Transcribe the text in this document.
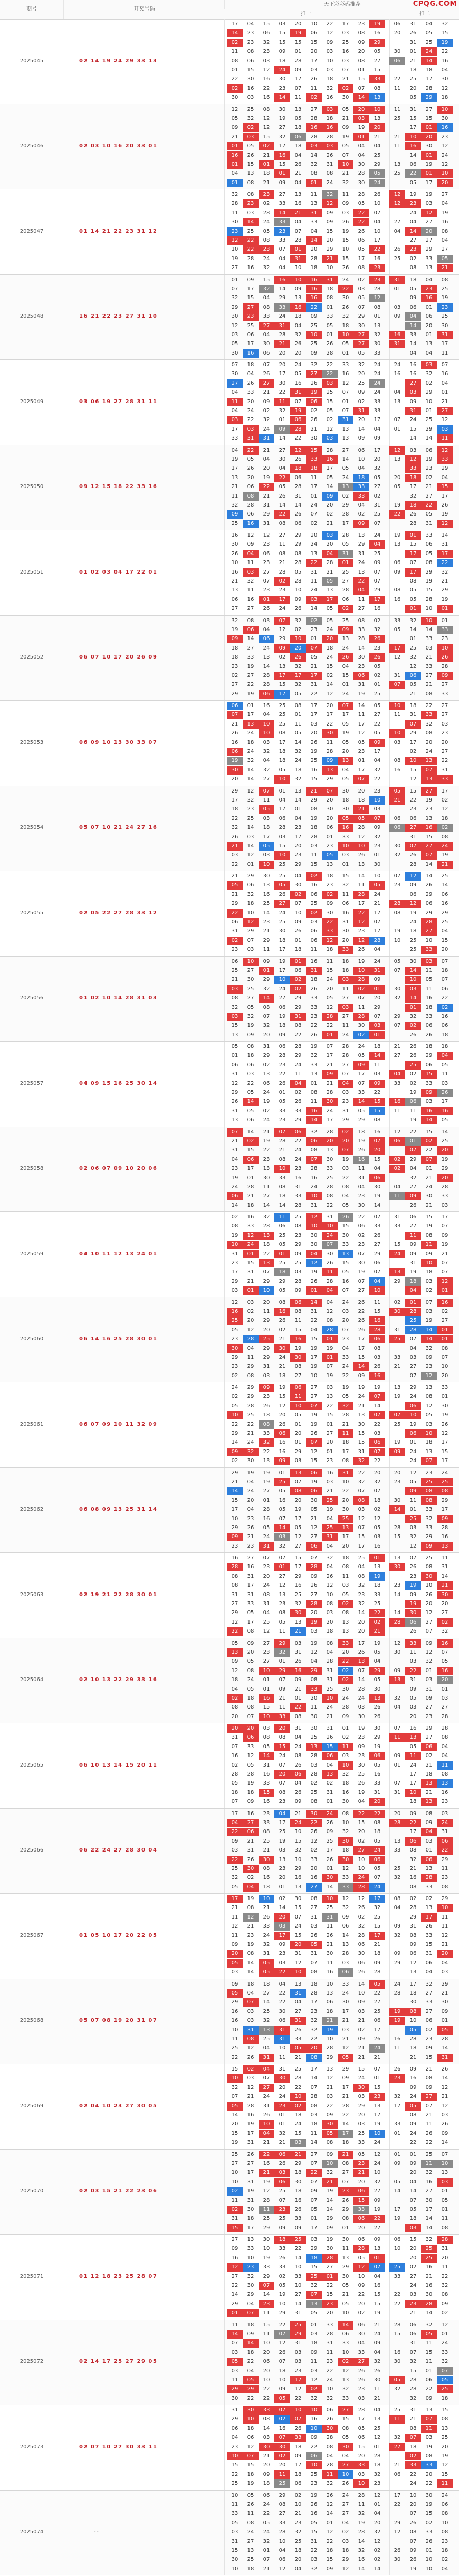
期号	开奖号码
天下彩彩码推荐
推一	推二
CPQG.COM
2025045	02 14 19 24 29 33 13
17	04	15	03	20	10	22	17	23	19	06	31	04	32
14	23	06	15	19	06	12	03	08	16	20	26	05	15
02	23	32	15	15	15	09	25	09	29	31	25	19
11	08	23	09	01	20	03	16	20	05	30	01	24	22
08	06	03	18	28	17	10	03	08	27	06	21	14	16
01	15	12	24	09	03	03	07	01	15	18	18	04
22	30	16	30	17	26	18	21	15	33	22	25	17	30
02	16	22	23	07	11	32	02	07	08	11	20	28	12
30	03	16	14	11	02	16	30	14	13	05	29	18
2025046	02 03 10 16 20 33 01
12	25	08	30	13	27	03	05	20	10	11	31	27	10
05	32	12	19	05	28	18	21	03	13	25	15	15	30
09	02	12	27	18	16	16	09	19	20	17	01	16
21	03	15	32	06	28	28	19	01	21	21	10	20	23
01	05	02	17	18	03	03	05	04	04	11	16	30	12
16	26	21	16	04	14	26	07	04	25	14	01	24
01	15	01	15	26	32	31	10	30	29	13	06	19	12
04	13	18	01	21	08	08	21	28	05	25	22	01	10
01	08	21	09	04	01	24	32	30	24	05	17	20
2025047	01 14 21 22 23 31 12
32	08	23	27	13	11	32	11	28	26	12	19	19	27
28	23	02	33	16	13	12	09	05	10	12	23	03	04
11	03	28	14	21	31	09	03	22	07	24	12	19
30	14	24	33	04	33	09	26	22	04	27	04	27	16
23	25	05	23	07	04	15	19	26	10	04	14	20	08
12	22	08	33	28	14	20	15	06	17	27	27	04
10	22	23	07	01	20	29	10	05	22	26	23	29	27
19	28	24	04	31	28	21	15	17	16	25	02	33	05
27	16	32	04	10	18	10	26	08	23	08	13	21
2025048	16 21 22 23 27 31 10
01	09	15	16	10	16	31	24	02	23	31	18	04	08
07	17	32	14	09	16	18	22	03	28	01	05	23	25
32	15	04	29	13	16	08	30	05	12	09	16	19
29	27	08	33	16	22	01	26	07	08	03	06	01	23
30	23	33	24	18	09	33	32	29	01	09	04	06	25
12	25	27	31	04	25	05	18	30	13	14	20	30
03	06	04	28	32	10	01	10	27	32	16	33	01	31
05	17	30	21	26	25	26	05	27	30	31	14	13	17
30	16	06	20	20	09	28	01	05	33	04	04	11
2025049	03 06 19 27 28 31 11
07	18	07	20	24	32	22	33	32	24	24	16	03	07
30	04	26	17	05	27	22	16	20	24	16	16	32	16
27	26	27	30	16	26	03	12	25	24	27	02	04
04	33	21	22	31	19	25	07	09	24	04	03	29	01
11	20	09	11	07	06	15	01	02	33	13	09	10	21
04	24	02	32	19	02	05	07	31	33	31	01	27
03	22	32	01	06	26	02	31	20	17	07	24	25	12
17	03	24	09	28	21	12	13	14	04	01	15	29	03
33	31	31	14	22	30	03	13	09	09	14	14	11
2025050	09 12 15 18 22 33 16
04	22	21	27	12	15	28	27	06	17	12	03	06	12
19	05	04	30	26	33	16	14	10	20	13	12	19	33
17	26	20	04	18	18	17	05	04	32	33	23	29
13	20	19	22	06	11	05	24	18	05	20	18	02	04
21	06	22	05	28	17	14	13	33	27	05	17	21	15
11	08	21	26	31	01	09	02	33	02	32	27	17
32	28	31	14	14	24	20	29	04	31	19	18	22	26
09	06	29	22	26	07	02	28	02	25	22	26	05	19
25	16	31	08	06	02	21	17	09	07	28	31	12
2025051	01 02 03 04 17 22 01
16	12	12	27	29	20	03	28	13	24	19	01	33	14
30	09	23	11	29	24	20	05	29	04	13	15	06	31
26	04	06	08	08	13	04	31	31	25	17	05	17
10	11	23	21	28	22	28	01	24	09	06	07	08	22
16	03	27	28	05	31	21	25	13	07	09	17	29	32
21	32	07	02	28	11	05	27	22	07	08	19	21
13	11	23	23	10	24	13	28	04	29	08	05	15	29
06	16	01	17	09	03	17	06	11	17	16	05	28	19
27	27	26	24	26	14	05	02	27	16	01	10	01
2025052	06 07 10 17 20 26 09
32	08	03	07	32	02	05	25	08	02	33	32	10	01
19	06	04	12	02	23	24	09	33	32	05	14	14	33
09	14	06	29	10	01	20	13	28	26	01	33	23
18	27	24	09	20	07	18	24	14	23	17	25	03	10
18	33	13	02	26	05	24	26	30	26	12	32	21	26
23	19	14	13	32	21	15	04	23	05	12	33	28
02	27	28	17	17	17	02	15	06	02	31	06	27	09
27	22	28	15	32	31	14	01	31	01	07	05	21	27
29	19	06	17	05	22	12	24	19	25	21	08	33
2025053	06 09 10 13 30 33 07
06	01	16	25	08	17	20	07	14	05	10	18	22	27
07	17	04	25	01	17	17	17	11	27	11	31	33	27
21	13	10	25	11	03	22	05	17	22	07	32	03
26	24	10	08	05	20	30	19	12	05	10	29	08	23
16	18	03	17	14	26	11	05	05	09	03	17	20	20
06	24	32	18	32	19	28	20	23	17	02	24	27
19	32	04	18	24	25	09	13	01	04	08	10	13	22
30	14	32	05	18	16	13	04	17	32	16	15	07	31
20	14	27	10	32	15	29	05	07	22	12	13	33
2025054	05 07 10 21 24 27 16
29	12	07	01	13	21	07	30	20	23	05	15	27	17
17	32	11	04	14	29	20	18	18	10	21	22	19	02
18	23	05	17	01	08	30	30	21	03	23	23	12
22	25	03	06	04	19	20	05	05	07	06	06	13	18
32	14	18	28	23	18	06	16	28	09	06	27	16	02
26	03	17	03	17	28	01	33	12	32	31	15	08
21	14	05	15	20	03	23	10	10	23	30	07	27	24
03	12	03	10	23	11	05	03	26	01	32	26	07	19
22	01	10	25	29	15	13	01	13	30	28	14	21
2025055	02 05 22 27 28 33 12
21	29	30	25	04	02	18	15	14	10	07	12	14	25
05	06	13	05	30	16	23	32	11	05	23	09	26	14
21	32	16	26	02	06	02	11	28	24	06	29	06
29	18	25	27	07	25	09	06	17	21	28	12	06	16
22	10	14	24	10	02	30	16	22	17	08	19	29	29
06	12	23	25	09	03	22	31	12	07	24	28	25
31	29	21	30	26	06	33	30	23	17	19	18	27	04
02	07	29	18	01	06	12	20	12	28	10	25	10	15
23	03	11	17	18	11	18	33	26	04	25	33	20
2025056	01 02 10 14 28 31 03
06	10	09	19	01	16	11	18	19	24	05	30	03	07
25	27	01	17	06	31	15	18	10	31	07	14	11	18
21	30	29	10	02	18	24	03	28	09	10	05	07
03	25	32	24	02	26	20	11	02	01	30	03	11	06
08	27	14	27	29	33	05	27	07	20	32	14	16	22
32	05	08	06	29	33	12	03	11	29	01	18	02
03	32	07	19	31	23	28	27	28	07	29	32	33	16
15	19	32	18	08	22	22	11	30	03	07	02	06	06
13	09	20	09	22	26	01	24	02	01	26	26	18
2025057	04 09 15 16 25 30 14
05	08	31	06	28	19	07	28	24	18	21	26	18	18
01	18	29	28	29	32	17	28	05	14	27	26	29	04
06	06	02	23	24	33	21	27	09	11	25	06	05
31	03	13	22	11	13	09	07	17	03	04	02	15	11
12	22	06	26	04	01	21	04	07	09	33	02	33	03
29	05	24	01	02	08	28	03	33	22	19	09	26
26	14	19	05	26	11	30	23	14	15	16	06	03	17
31	05	02	33	33	16	24	31	05	15	11	11	16	16
13	06	24	23	29	14	17	29	29	08	19	14	05
2025058	02 06 07 09 10 20 06
07	14	21	07	06	32	28	02	18	16	12	22	15	14
21	02	19	28	22	06	20	20	19	07	06	01	02	25
31	15	22	21	24	08	13	07	26	20	07	22	20
04	06	23	08	24	07	30	19	16	15	02	29	07	19
23	17	13	10	23	28	33	03	11	04	02	04	01	29
19	01	30	33	16	16	25	22	31	06	32	21	20
24	28	11	08	31	24	28	08	04	30	04	27	24	28
06	21	27	18	33	10	08	04	23	19	11	09	30	33
14	18	14	14	28	31	22	05	30	14	26	21	03
2025059	04 10 11 12 13 24 01
02	16	32	11	25	12	31	26	22	07	31	06	15	17
08	33	28	06	08	10	10	15	06	33	33	27	19	07
19	12	13	25	23	30	24	30	02	26	11	08	09
10	24	18	05	29	30	07	33	23	27	15	09	11	19
31	01	22	01	09	04	30	13	07	29	24	09	09	21
23	15	13	25	25	12	26	15	30	06	31	10	07
17	31	07	18	03	19	11	05	19	07	13	19	18	07
29	21	29	29	28	26	28	16	07	04	29	18	03	12
03	01	10	05	09	01	04	07	27	10	04	02	01
2025060	06 14 16 25 28 30 01
12	03	20	08	06	14	04	24	26	11	02	01	07	16
16	02	11	16	08	31	12	03	22	15	30	28	03	02
25	20	29	26	11	22	08	20	26	16	25	19	27
05	12	20	02	15	04	28	07	26	28	31	28	14	01
23	28	25	21	16	15	01	23	17	06	25	07	14	01
30	04	29	30	19	19	19	04	17	08	04	32	08
29	11	29	24	30	17	01	33	15	03	33	03	09	07
23	29	31	21	08	19	07	24	14	26	21	27	23	10
02	08	03	18	27	10	19	22	09	16	07	12	20
2025061	06 07 09 10 11 32 09
24	29	09	19	06	27	03	19	19	19	13	29	13	33
02	29	23	15	11	27	13	05	24	07	19	24	08	01
05	28	26	12	10	07	22	32	21	14	06	12	30
10	25	18	20	05	19	15	28	13	07	07	10	05	19
22	22	08	26	01	19	01	21	30	22	25	19	03	26
29	21	33	06	20	26	27	11	15	03	06	10	12
14	24	32	16	01	07	20	18	15	06	19	01	18	17
09	32	22	16	29	12	01	17	31	07	09	24	13	15
02	30	13	09	03	15	23	08	32	22	24	07	17
2025062	06 08 09 13 25 31 14
29	19	19	01	13	06	16	31	22	20	20	12	23	24
21	04	19	25	07	19	03	10	32	32	23	05	25	25
14	24	27	05	08	06	21	22	07	07	09	08	08
15	20	01	16	20	30	25	20	08	18	30	11	08	29
17	04	28	05	19	05	19	30	03	02	14	01	33	17
10	23	16	07	17	21	04	25	12	12	25	32	09
29	26	05	14	05	12	25	13	07	05	28	03	33	28
09	21	24	03	12	27	31	17	15	03	15	32	29	16
23	23	31	32	27	06	04	20	17	16	12	09	13
2025063	02 19 21 22 28 30 01
16	27	07	07	15	07	32	18	25	01	13	07	25	11
28	16	23	01	17	28	04	08	04	13	30	26	08	31
08	31	20	27	29	09	26	11	08	19	23	30	14
08	17	24	12	16	26	12	03	32	18	23	19	10	21
31	31	08	13	25	27	10	05	23	33	14	09	26	30
27	33	31	23	32	28	08	02	32	25	19	20	20
29	05	04	08	30	20	03	08	14	22	14	30	12	27
12	17	25	05	13	19	20	13	20	02	28	06	27	02
22	08	12	11	21	03	18	13	20	21	26	07	32
2025064	02 10 13 22 29 33 16
05	09	27	29	03	19	08	33	17	19	12	33	09	16
13	20	23	32	31	12	04	20	26	05	30	11	12	07
09	05	27	01	26	04	28	22	13	04	03	32	05
12	08	10	29	16	29	31	02	07	29	09	22	01	16
18	24	01	07	09	08	31	02	14	05	13	31	03	20
04	05	01	09	21	33	25	30	28	30	09	31	01
02	18	16	21	01	20	10	24	24	13	32	05	09	03
08	08	15	11	22	11	24	28	03	26	04	03	27	27
20	07	10	33	08	30	21	09	30	26	20	23	28
2025065	06 10 13 14 15 20 11
20	20	03	20	31	30	31	01	19	30	07	16	29	28
31	06	08	08	04	25	26	02	23	29	11	13	27	08
07	33	05	15	24	13	15	11	09	19	05	06	04
16	12	14	24	08	28	06	03	23	06	09	11	02	04
02	05	31	07	26	03	04	10	30	05	01	24	21	11
28	28	16	20	06	28	13	32	25	16	17	18	08
05	19	33	07	04	02	02	18	26	33	07	17	13	13
18	18	15	08	26	25	31	16	19	31	31	10	21	16
07	09	16	23	09	08	01	30	04	20	18	13	23
2025066	06 22 24 27 28 30 04
17	16	23	04	21	30	24	08	22	22	20	09	08	03
04	27	33	17	24	22	26	10	15	08	28	22	09	24
22	06	08	25	10	26	09	32	20	18	17	04	31
09	21	25	19	15	12	25	30	02	05	13	06	03	06
03	31	21	03	32	02	17	18	27	24	33	08	01	22
22	26	30	13	10	33	26	30	10	06	32	06	29
25	30	08	23	29	20	01	12	10	05	25	21	13	11
32	02	16	20	16	16	30	33	24	07	32	16	28	23
05	04	18	01	13	27	14	33	28	24	08	33	08
2025067	01 05 10 17 20 22 05
17	19	10	02	30	08	10	12	12	17	08	02	02	29
21	08	21	14	15	27	25	32	26	32	04	28	13	10
11	12	26	20	07	31	31	09	02	25	29	17	11
12	21	33	03	24	03	11	06	32	15	09	31	26	11
11	23	24	17	15	26	26	14	28	17	32	08	33	12
09	19	32	09	20	05	21	13	06	21	09	15	21
20	08	31	23	31	31	30	28	30	18	09	06	31	20
05	14	05	03	12	07	11	03	06	09	29	12	06	04
03	14	05	22	10	08	16	06	26	28	13	04	03
2025068	05 07 08 19 20 31 07
09	18	18	04	13	18	10	33	14	05	24	17	32	29
05	04	27	22	31	28	13	24	10	22	28	18	27	21
29	07	14	22	04	17	06	30	09	27	30	33	30
16	03	25	30	27	23	18	17	03	25	19	08	27	09
16	03	32	06	31	32	21	21	21	06	19	10	06	01
10	31	13	31	26	32	19	03	02	17	05	02	05
11	08	25	31	33	22	10	21	09	26	16	28	23	28
25	12	04	10	05	20	28	12	21	24	11	18	09	14
22	26	31	11	21	08	29	05	21	21	21	15	31
2025069	02 04 10 23 27 30 05
15	02	04	31	25	17	13	29	15	07	26	09	21	26
10	03	07	30	28	14	12	09	24	01	23	16	08	14
32	12	27	20	22	07	21	17	30	15	09	09	12
07	21	24	24	10	28	03	21	03	23	32	24	27	21
05	28	31	23	02	08	22	28	29	13	17	05	07	12
14	16	26	01	18	03	09	22	20	17	08	21	03
20	19	10	01	24	18	30	14	03	19	33	09	11	26
15	17	04	32	15	11	05	17	25	10	01	24	26	09
19	31	21	21	03	14	08	18	33	24	22	22	14
2025070	02 03 15 21 22 23 06
25	26	22	06	21	27	09	21	05	12	01	01	25	07
27	27	16	26	29	07	10	08	23	24	09	09	11	10
10	17	21	03	18	22	32	27	21	10	20	32	13
10	31	19	06	30	07	21	07	20	32	05	04	16	03
02	19	12	25	18	09	19	23	06	27	14	14	27	01
11	31	28	07	16	07	14	26	15	09	07	30	05
02	30	11	23	26	05	14	29	33	19	17	05	17	01
31	18	25	25	33	01	29	08	06	22	19	18	14	11
15	17	29	09	09	17	09	01	20	27	03	14	08
2025071	01 12 18 23 25 28 07
27	13	30	18	25	03	19	30	06	09	06	15	32	28
09	33	10	33	22	29	30	11	28	13	10	20	25	31
16	10	19	26	14	18	28	13	05	01	20	25	20
12	23	33	33	10	15	27	29	12	07	25	02	16	11
27	32	29	02	33	25	01	30	10	04	33	27	21	22
22	30	07	05	10	32	22	05	09	16	24	16	32
14	29	14	19	27	07	15	21	22	15	22	03	30	08
29	04	23	10	14	13	23	05	20	15	22	23	28	09
01	07	11	29	31	05	20	10	02	19	21	14	02
2025072	02 14 17 25 27 29 05
11	18	15	22	25	01	33	14	06	21	28	06	32	12
14	09	11	07	29	03	28	06	30	24	15	06	05	01
07	14	10	12	31	18	31	33	04	09	31	11	24
03	18	20	26	03	09	11	10	33	04	16	07	15	33
05	22	06	07	03	11	23	02	27	32	30	32	11	32
03	04	20	18	23	03	22	12	26	26	15	01	07
11	05	10	10	17	12	24	13	26	30	05	28	06	05
29	29	22	09	12	02	10	32	23	11	32	28	22	25
30	22	22	05	22	32	32	33	03	21	32	09	18
2025073	02 07 10 27 30 33 11
31	30	33	07	10	10	06	27	28	04	25	31	13	15
29	10	08	02	07	16	26	15	17	13	11	21	07	08
06	18	14	16	26	10	30	08	05	25	08	11	13
04	06	03	07	33	09	28	05	06	12	32	07	03	25
23	12	30	30	18	22	08	30	15	01	27	18	19	20
10	07	21	02	09	06	04	04	20	28	02	08	19
15	15	20	20	17	10	28	27	33	18	21	33	33	12
22	18	09	11	18	25	11	10	03	32	06	22	20	15
25	19	18	25	06	23	32	26	10	23	24	22	11
2025074	--
10	05	06	29	02	19	26	24	28	12	17	10	30	24
11	26	24	08	10	26	12	27	11	01	22	20	19	06
33	11	22	27	21	16	14	27	32	04	07	15	08
05	08	05	33	23	05	01	04	19	20	29	26	02	10
03	24	24	28	32	15	12	02	28	32	12	08	33	08
31	27	32	10	25	31	22	03	14	12	07	26	23
15	13	01	04	18	22	18	18	32	02	26	09	01	18
30	25	07	06	20	03	15	29	16	02	30	26	10	02
10	18	21	12	04	32	09	12	14	14	19	10	04
